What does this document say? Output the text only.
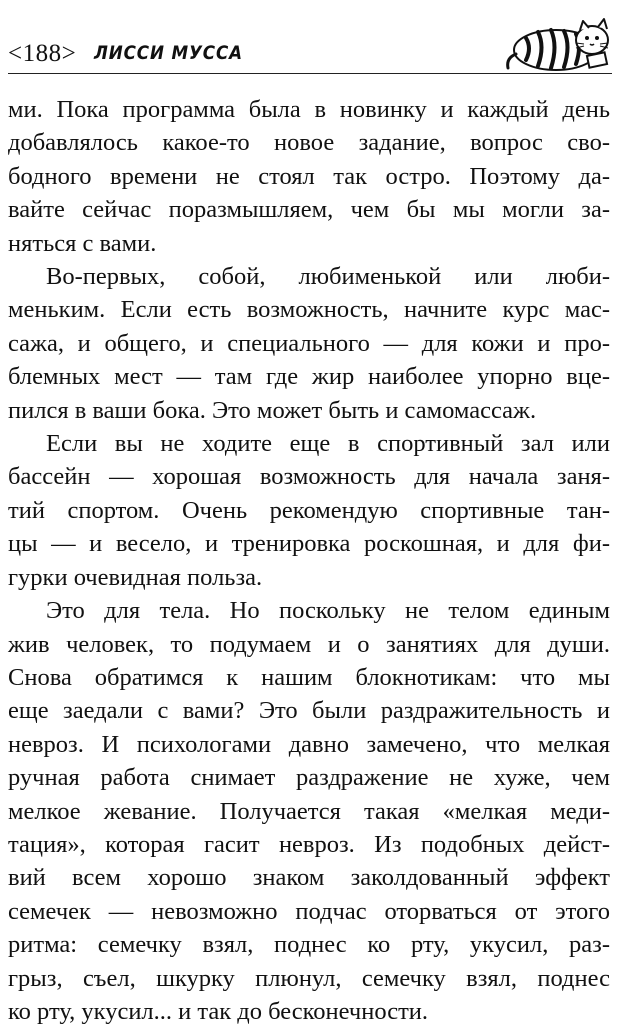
<188> ЛИССИ МУССА
ми. Пока программа была в новинку и каждый день
добавлялось какое-то новое задание, вопрос сво-
бодного времени не стоял так остро. Поэтому да-
вайте сейчас поразмышляем, чем бы мы могли за-
няться с вами.
Во-первых, собой, любименькой или люби-
меньким. Если есть возможность, начните курс мас-
сажа, и общего, и специального — для кожи и про-
блемных мест — там где жир наиболее упорно вце-
пился в ваши бока. Это может быть и самомассаж.
Если вы не ходите еще в спортивный зал или
бассейн — хорошая возможность для начала заня-
тий спортом. Очень рекомендую спортивные тан-
цы — и весело, и тренировка роскошная, и для фи-
гурки очевидная польза.
Это для тела. Но поскольку не телом единым
жив человек, то подумаем и о занятиях для души.
Снова обратимся к нашим блокнотикам: что мы
еще заедали с вами? Это были раздражительность и
невроз. И психологами давно замечено, что мелкая
ручная работа снимает раздражение не хуже, чем
мелкое жевание. Получается такая «мелкая меди-
тация», которая гасит невроз. Из подобных дейст-
вий всем хорошо знаком заколдованный эффект
семечек — невозможно подчас оторваться от этого
ритма: семечку взял, поднес ко рту, укусил, раз-
грыз, съел, шкурку плюнул, семечку взял, поднес
ко рту, укусил... и так до бесконечности.
